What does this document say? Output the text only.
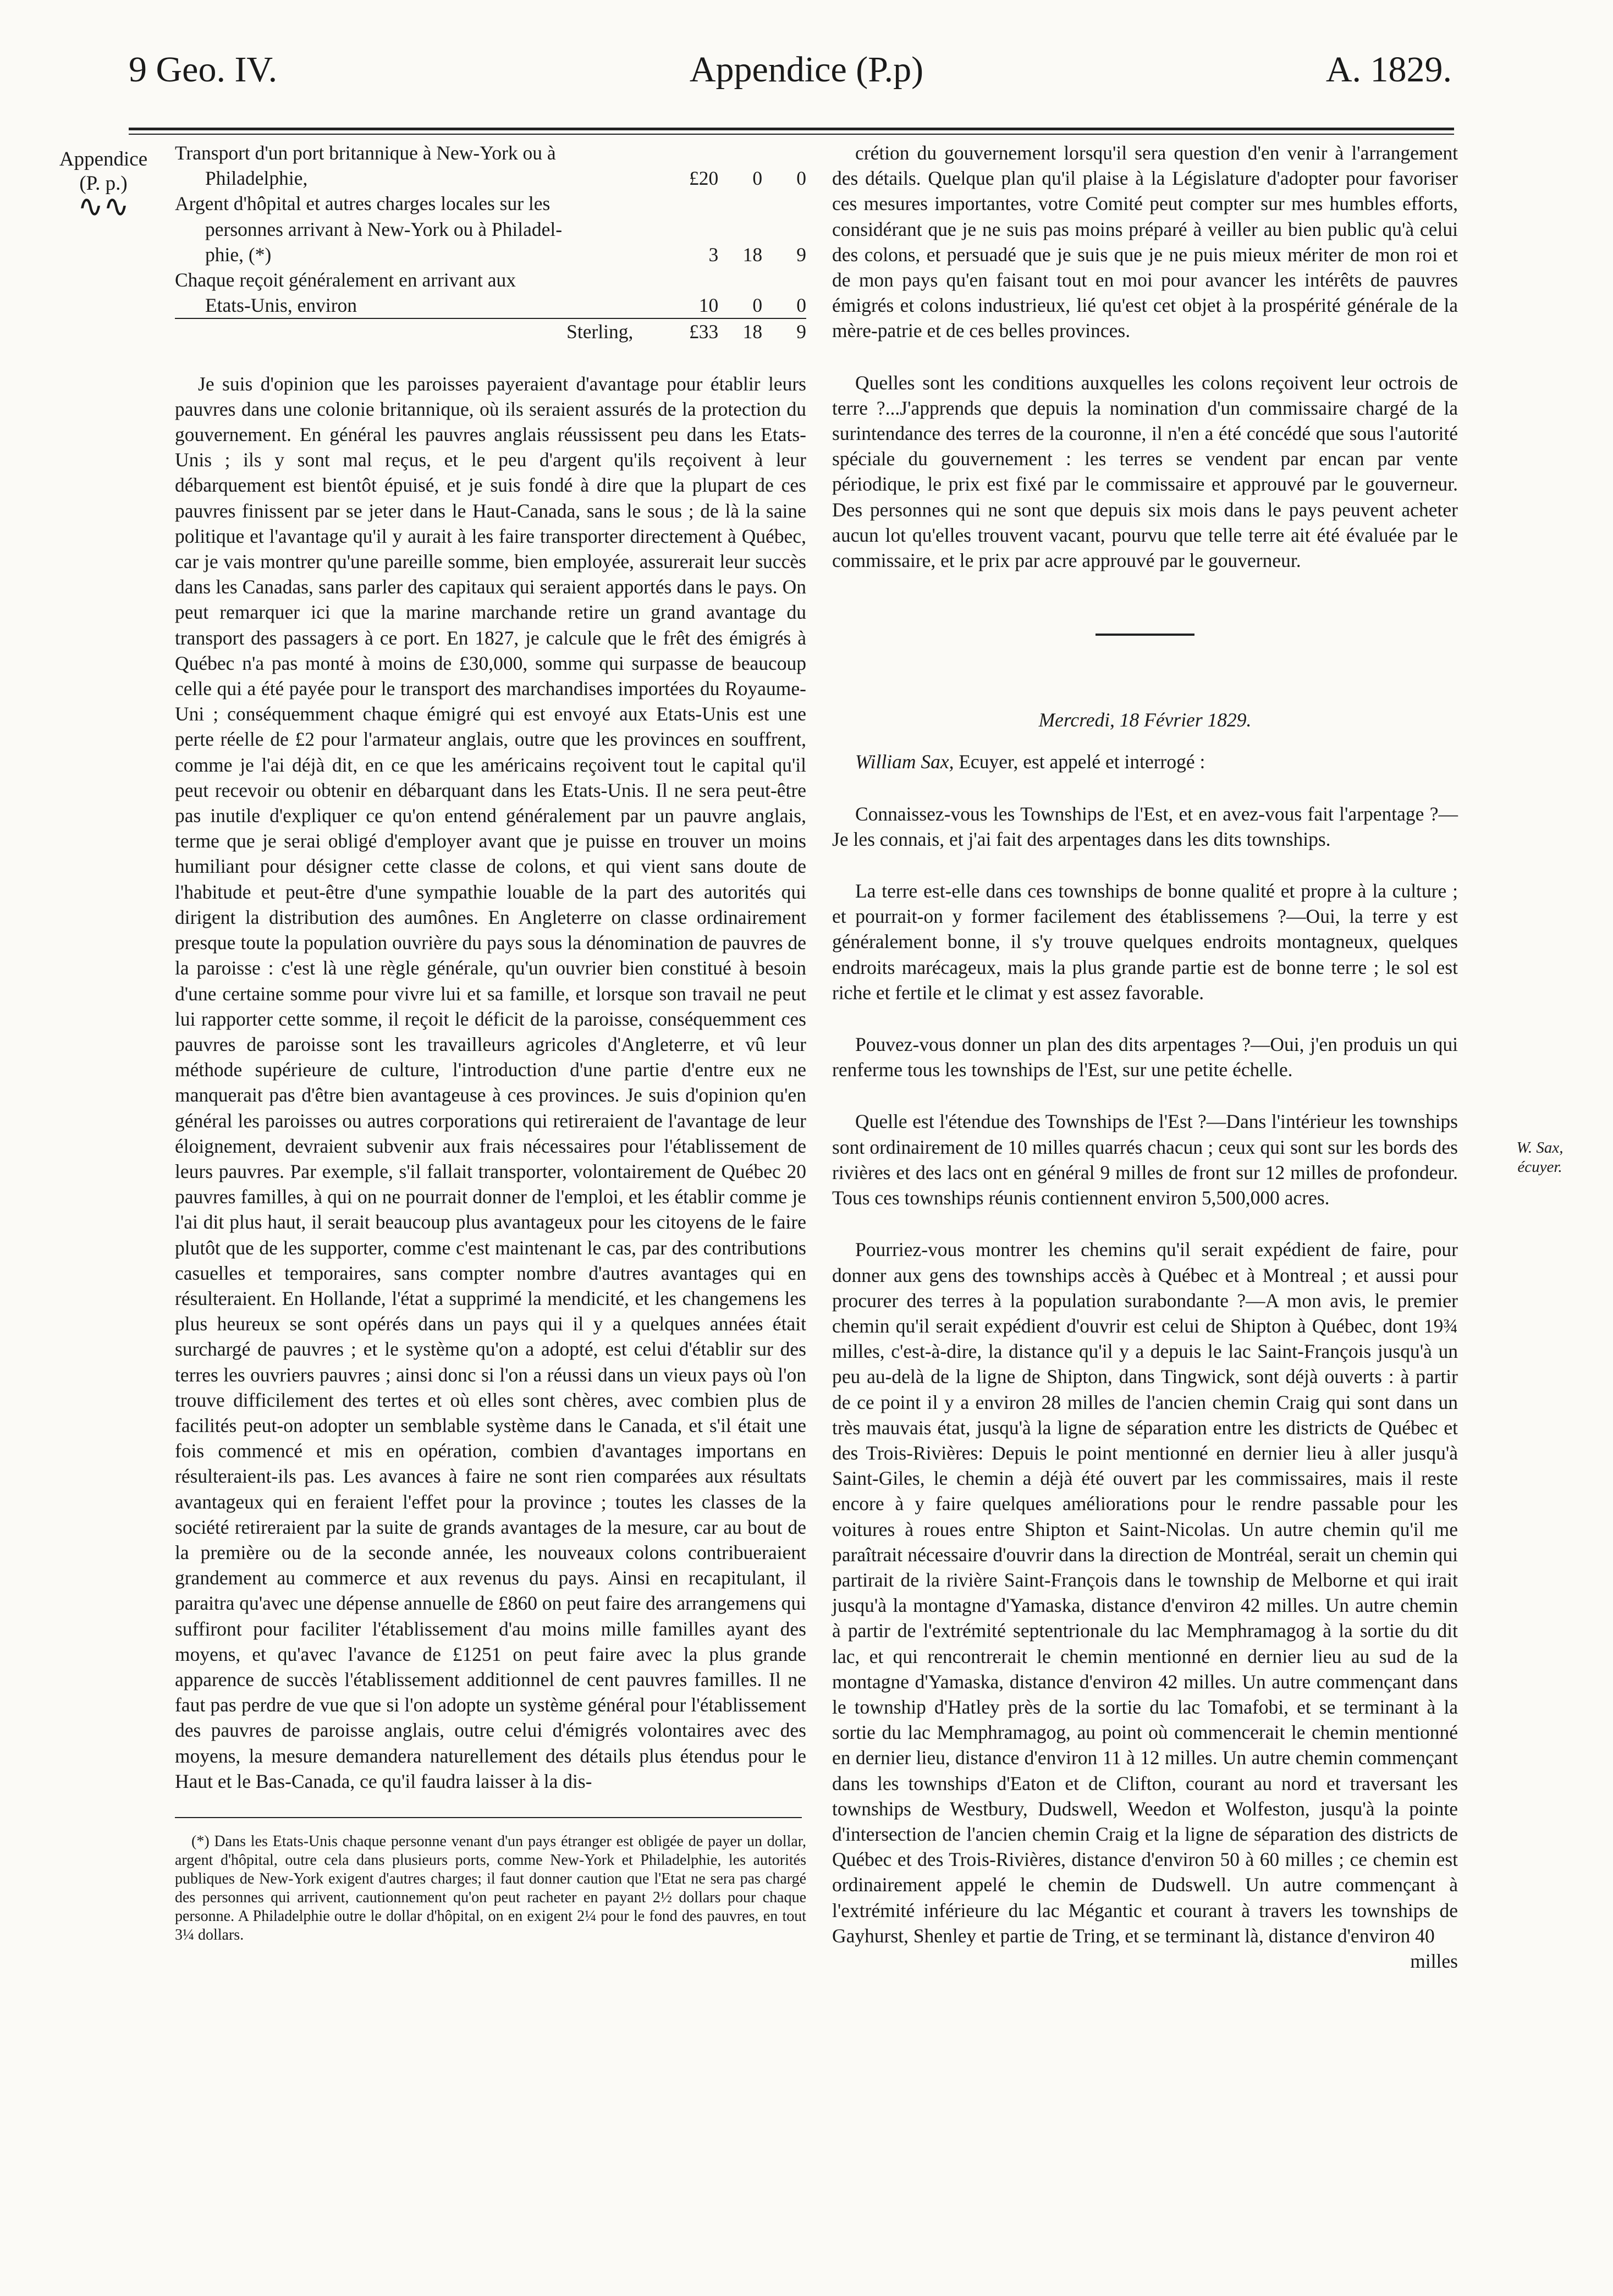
9 Geo. IV.	Appendice (P.p)	A. 1829.
Appendice
(P. p.)
∿∿
W. Sax,
écuyer.
Transport d'un port britannique à New-York ou à			
Philadelphie,	£20	0	0
Argent d'hôpital et autres charges locales sur les			
personnes arrivant à New-York ou à Philadel-			
phie, (*)	3	18	9
Chaque reçoit généralement en arrivant aux			
Etats-Unis, environ	10	0	0
Sterling,	£33	18	9

Je suis d'opinion que les paroisses payeraient d'avantage pour établir leurs pauvres dans une colonie britannique, où ils seraient assurés de la protection du gouvernement. En général les pauvres anglais réussissent peu dans les Etats-Unis ; ils y sont mal reçus, et le peu d'argent qu'ils reçoivent à leur débarquement est bientôt épuisé, et je suis fondé à dire que la plupart de ces pauvres finissent par se jeter dans le Haut-Canada, sans le sous ; de là la saine politique et l'avantage qu'il y aurait à les faire transporter directement à Québec, car je vais montrer qu'une pareille somme, bien employée, assurerait leur succès dans les Canadas, sans parler des capitaux qui seraient apportés dans le pays. On peut remarquer ici que la marine marchande retire un grand avantage du transport des passagers à ce port. En 1827, je calcule que le frêt des émigrés à Québec n'a pas monté à moins de £30,000, somme qui surpasse de beaucoup celle qui a été payée pour le transport des marchandises importées du Royaume-Uni ; conséquemment chaque émigré qui est envoyé aux Etats-Unis est une perte réelle de £2 pour l'armateur anglais, outre que les provinces en souffrent, comme je l'ai déjà dit, en ce que les américains reçoivent tout le capital qu'il peut recevoir ou obtenir en débarquant dans les Etats-Unis. Il ne sera peut-être pas inutile d'expliquer ce qu'on entend généralement par un pauvre anglais, terme que je serai obligé d'employer avant que je puisse en trouver un moins humiliant pour désigner cette classe de colons, et qui vient sans doute de l'habitude et peut-être d'une sympathie louable de la part des autorités qui dirigent la distribution des aumônes. En Angleterre on classe ordinairement presque toute la population ouvrière du pays sous la dénomination de pauvres de la paroisse : c'est là une règle générale, qu'un ouvrier bien constitué à besoin d'une certaine somme pour vivre lui et sa famille, et lorsque son travail ne peut lui rapporter cette somme, il reçoit le déficit de la paroisse, conséquemment ces pauvres de paroisse sont les travailleurs agricoles d'Angleterre, et vû leur méthode supérieure de culture, l'introduction d'une partie d'entre eux ne manquerait pas d'être bien avantageuse à ces provinces. Je suis d'opinion qu'en général les paroisses ou autres corporations qui retireraient de l'avantage de leur éloignement, devraient subvenir aux frais nécessaires pour l'établissement de leurs pauvres. Par exemple, s'il fallait transporter, volontairement de Québec 20 pauvres familles, à qui on ne pourrait donner de l'emploi, et les établir comme je l'ai dit plus haut, il serait beaucoup plus avantageux pour les citoyens de le faire plutôt que de les supporter, comme c'est maintenant le cas, par des contributions casuelles et temporaires, sans compter nombre d'autres avantages qui en résulteraient. En Hollande, l'état a supprimé la mendicité, et les changemens les plus heureux se sont opérés dans un pays qui il y a quelques années était surchargé de pauvres ; et le système qu'on a adopté, est celui d'établir sur des terres les ouvriers pauvres ; ainsi donc si l'on a réussi dans un vieux pays où l'on trouve difficilement des tertes et où elles sont chères, avec combien plus de facilités peut-on adopter un semblable système dans le Canada, et s'il était une fois commencé et mis en opération, combien d'avantages importans en résulteraient-ils pas. Les avances à faire ne sont rien comparées aux résultats avantageux qui en feraient l'effet pour la province ; toutes les classes de la société retireraient par la suite de grands avantages de la mesure, car au bout de la première ou de la seconde année, les nouveaux colons contribueraient grandement au commerce et aux revenus du pays. Ainsi en recapitulant, il paraitra qu'avec une dépense annuelle de £860 on peut faire des arrangemens qui suffiront pour faciliter l'établissement d'au moins mille familles ayant des moyens, et qu'avec l'avance de £1251 on peut faire avec la plus grande apparence de succès l'établissement additionnel de cent pauvres familles. Il ne faut pas perdre de vue que si l'on adopte un système général pour l'établissement des pauvres de paroisse anglais, outre celui d'émigrés volontaires avec des moyens, la mesure demandera naturellement des détails plus étendus pour le Haut et le Bas-Canada, ce qu'il faudra laisser à la dis-

(*) Dans les Etats-Unis chaque personne venant d'un pays étranger est obligée de payer un dollar, argent d'hôpital, outre cela dans plusieurs ports, comme New-York et Philadelphie, les autorités publiques de New-York exigent d'autres charges; il faut donner caution que l'Etat ne sera pas chargé des personnes qui arrivent, cautionnement qu'on peut racheter en payant 2½ dollars pour chaque personne. A Philadelphie outre le dollar d'hôpital, on en exigent 2¼ pour le fond des pauvres, en tout 3¼ dollars.

crétion du gouvernement lorsqu'il sera question d'en venir à l'arrangement des détails. Quelque plan qu'il plaise à la Législature d'adopter pour favoriser ces mesures importantes, votre Comité peut compter sur mes humbles efforts, considérant que je ne suis pas moins préparé à veiller au bien public qu'à celui des colons, et persuadé que je suis que je ne puis mieux mériter de mon roi et de mon pays qu'en faisant tout en moi pour avancer les intérêts de pauvres émigrés et colons industrieux, lié qu'est cet objet à la prospérité générale de la mère-patrie et de ces belles provinces.

Quelles sont les conditions auxquelles les colons reçoivent leur octrois de terre ?...J'apprends que depuis la nomination d'un commissaire chargé de la surintendance des terres de la couronne, il n'en a été concédé que sous l'autorité spéciale du gouvernement : les terres se vendent par encan par vente périodique, le prix est fixé par le commissaire et approuvé par le gouverneur. Des personnes qui ne sont que depuis six mois dans le pays peuvent acheter aucun lot qu'elles trouvent vacant, pourvu que telle terre ait été évaluée par le commissaire, et le prix par acre approuvé par le gouverneur.

Mercredi, 18 Février 1829.

William Sax, Ecuyer, est appelé et interrogé :

Connaissez-vous les Townships de l'Est, et en avez-vous fait l'arpentage ?—Je les connais, et j'ai fait des arpentages dans les dits townships.

La terre est-elle dans ces townships de bonne qualité et propre à la culture ; et pourrait-on y former facilement des établissemens ?—Oui, la terre y est généralement bonne, il s'y trouve quelques endroits montagneux, quelques endroits marécageux, mais la plus grande partie est de bonne terre ; le sol est riche et fertile et le climat y est assez favorable.

Pouvez-vous donner un plan des dits arpentages ?—Oui, j'en produis un qui renferme tous les townships de l'Est, sur une petite échelle.

Quelle est l'étendue des Townships de l'Est ?—Dans l'intérieur les townships sont ordinairement de 10 milles quarrés chacun ; ceux qui sont sur les bords des rivières et des lacs ont en général 9 milles de front sur 12 milles de profondeur. Tous ces townships réunis contiennent environ 5,500,000 acres.

Pourriez-vous montrer les chemins qu'il serait expédient de faire, pour donner aux gens des townships accès à Québec et à Montreal ; et aussi pour procurer des terres à la population surabondante ?—A mon avis, le premier chemin qu'il serait expédient d'ouvrir est celui de Shipton à Québec, dont 19¾ milles, c'est-à-dire, la distance qu'il y a depuis le lac Saint-François jusqu'à un peu au-delà de la ligne de Shipton, dans Tingwick, sont déjà ouverts : à partir de ce point il y a environ 28 milles de l'ancien chemin Craig qui sont dans un très mauvais état, jusqu'à la ligne de séparation entre les districts de Québec et des Trois-Rivières: Depuis le point mentionné en dernier lieu à aller jusqu'à Saint-Giles, le chemin a déjà été ouvert par les commissaires, mais il reste encore à y faire quelques améliorations pour le rendre passable pour les voitures à roues entre Shipton et Saint-Nicolas. Un autre chemin qu'il me paraîtrait nécessaire d'ouvrir dans la direction de Montréal, serait un chemin qui partirait de la rivière Saint-François dans le township de Melborne et qui irait jusqu'à la montagne d'Yamaska, distance d'environ 42 milles. Un autre chemin à partir de l'extrémité septentrionale du lac Memphramagog à la sortie du dit lac, et qui rencontrerait le chemin mentionné en dernier lieu au sud de la montagne d'Yamaska, distance d'environ 42 milles. Un autre commençant dans le township d'Hatley près de la sortie du lac Tomafobi, et se terminant à la sortie du lac Memphramagog, au point où commencerait le chemin mentionné en dernier lieu, distance d'environ 11 à 12 milles. Un autre chemin commençant dans les townships d'Eaton et de Clifton, courant au nord et traversant les townships de Westbury, Dudswell, Weedon et Wolfeston, jusqu'à la pointe d'intersection de l'ancien chemin Craig et la ligne de séparation des districts de Québec et des Trois-Rivières, distance d'environ 50 à 60 milles ; ce chemin est ordinairement appelé le chemin de Dudswell. Un autre commençant à l'extrémité inférieure du lac Mégantic et courant à travers les townships de Gayhurst, Shenley et partie de Tring, et se terminant là, distance d'environ 40

milles
